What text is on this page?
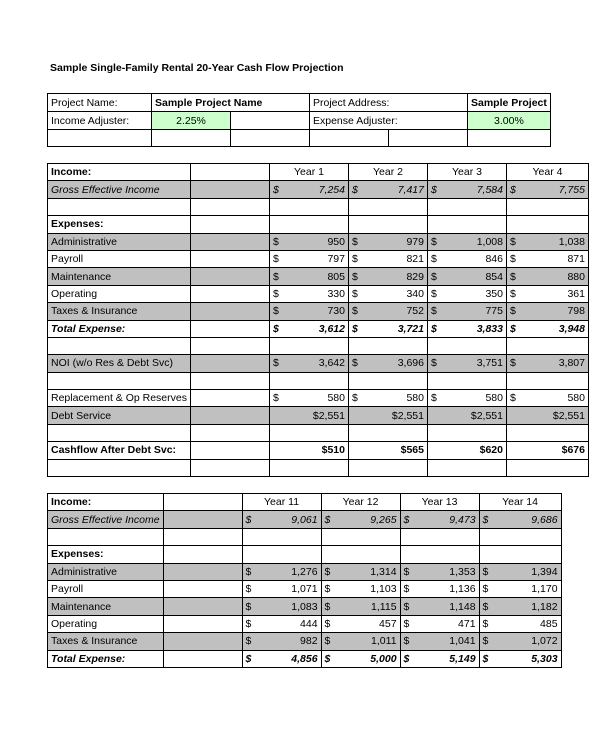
Sample Single-Family Rental 20-Year Cash Flow Projection
Project Name:	Sample Project Name		Project Address:		Sample Project
Income Adjuster:	2.25%		Expense Adjuster:		3.00%

Income:		Year 1	Year 2	Year 3	Year 4
Gross Effective Income		$ 7,254	$ 7,417	$ 7,584	$ 7,755

Expenses:					
Administrative		$ 950	$ 979	$ 1,008	$ 1,038

Payroll		$ 797	$ 821	$ 846	$ 871

Maintenance		$ 805	$ 829	$ 854	$ 880

Operating		$ 330	$ 340	$ 350	$ 361

Taxes & Insurance		$ 730	$ 752	$ 775	$ 798

Total Expense:		$ 3,612	$ 3,721	$ 3,833	$ 3,948

NOI (w/o Res & Debt Svc)		$ 3,642	$ 3,696	$ 3,751	$ 3,807

Replacement & Op Reserves		$ 580	$ 580	$ 580	$ 580

Debt Service		$2,551	$2,551	$2,551	$2,551

Cashflow After Debt Svc:		$510	$565	$620	$676

Income:		Year 11	Year 12	Year 13	Year 14
Gross Effective Income		$ 9,061	$ 9,265	$ 9,473	$ 9,686

Expenses:					
Administrative		$ 1,276	$ 1,314	$ 1,353	$ 1,394

Payroll		$ 1,071	$ 1,103	$ 1,136	$ 1,170

Maintenance		$ 1,083	$ 1,115	$ 1,148	$ 1,182

Operating		$ 444	$ 457	$ 471	$ 485

Taxes & Insurance		$ 982	$ 1,011	$ 1,041	$ 1,072

Total Expense:		$ 4,856	$ 5,000	$ 5,149	$ 5,303
